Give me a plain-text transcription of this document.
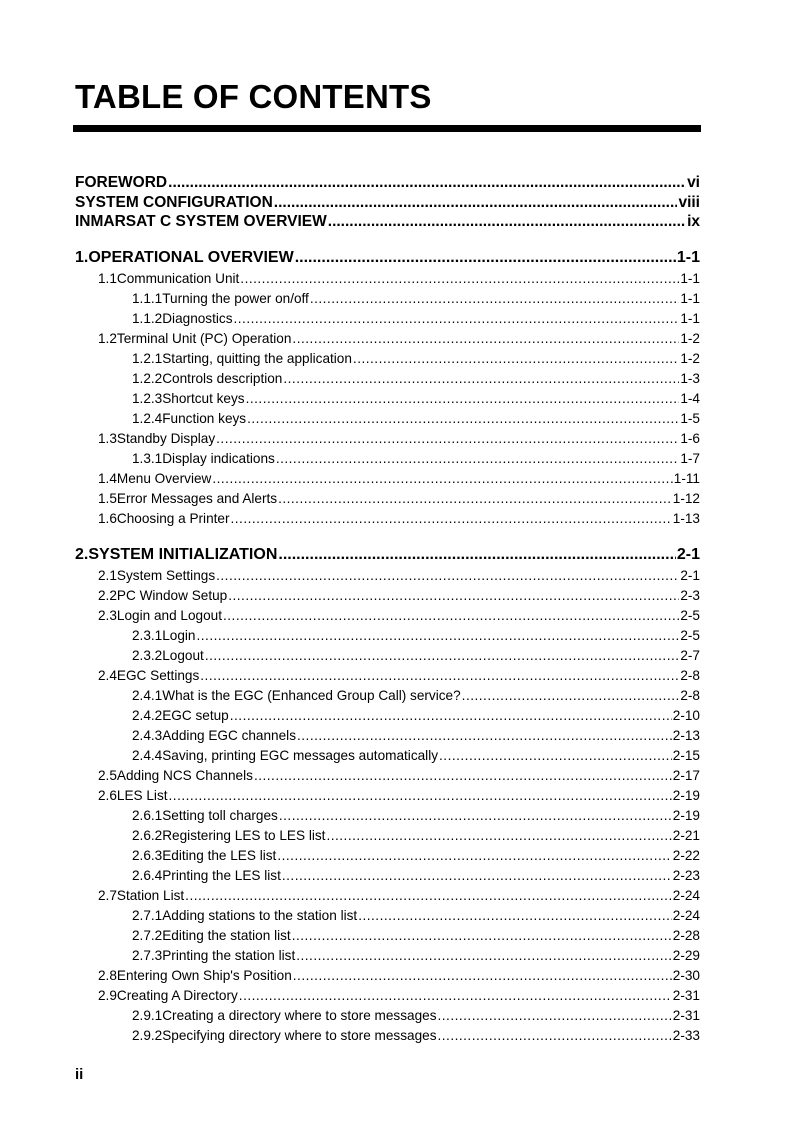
TABLE OF CONTENTS
FOREWORD .....	vi
SYSTEM CONFIGURATION .....	viii
INMARSAT C SYSTEM OVERVIEW .....	ix
1. OPERATIONAL OVERVIEW .....	1-1
1.1 Communication Unit .....	1-1
1.1.1 Turning the power on/off .....	1-1
1.1.2 Diagnostics .....	1-1
1.2 Terminal Unit (PC) Operation .....	1-2
1.2.1 Starting, quitting the application .....	1-2
1.2.2 Controls description .....	1-3
1.2.3 Shortcut keys .....	1-4
1.2.4 Function keys .....	1-5
1.3 Standby Display .....	1-6
1.3.1 Display indications .....	1-7
1.4 Menu Overview .....	1-11
1.5 Error Messages and Alerts .....	1-12
1.6 Choosing a Printer .....	1-13
2. SYSTEM INITIALIZATION .....	2-1
2.1 System Settings .....	2-1
2.2 PC Window Setup .....	2-3
2.3 Login and Logout .....	2-5
2.3.1 Login .....	2-5
2.3.2 Logout .....	2-7
2.4 EGC Settings .....	2-8
2.4.1 What is the EGC (Enhanced Group Call) service? .....	2-8
2.4.2 EGC setup .....	2-10
2.4.3 Adding EGC channels .....	2-13
2.4.4 Saving, printing EGC messages automatically .....	2-15
2.5 Adding NCS Channels .....	2-17
2.6 LES List .....	2-19
2.6.1 Setting toll charges .....	2-19
2.6.2 Registering LES to LES list .....	2-21
2.6.3 Editing the LES list .....	2-22
2.6.4 Printing the LES list .....	2-23
2.7 Station List .....	2-24
2.7.1 Adding stations to the station list .....	2-24
2.7.2 Editing the station list .....	2-28
2.7.3 Printing the station list .....	2-29
2.8 Entering Own Ship's Position .....	2-30
2.9 Creating A Directory .....	2-31
2.9.1 Creating a directory where to store messages .....	2-31
2.9.2 Specifying directory where to store messages .....	2-33

ii
